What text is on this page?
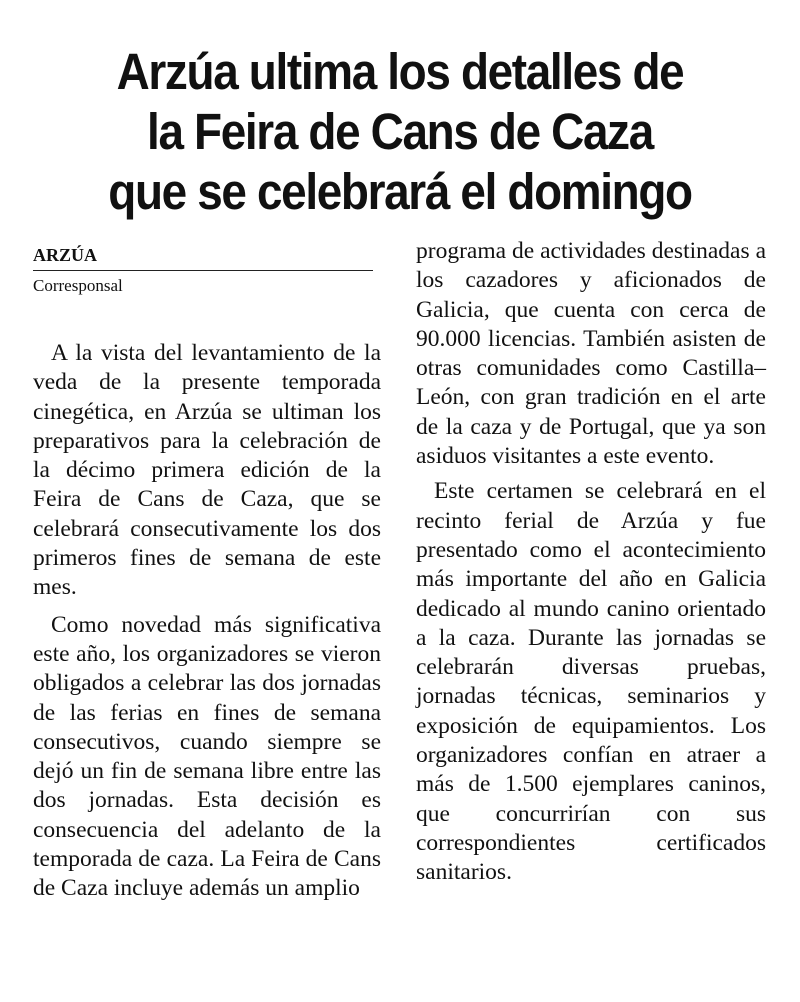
Arzúa ultima los detalles de
la Feira de Cans de Caza
que se celebrará el domingo
ARZÚA
Corresponsal

A la vista del levantamiento de la veda de la presente temporada cinegética, en Arzúa se ultiman los preparativos para la celebración de la décimo primera edición de la Feira de Cans de Caza, que se celebrará consecutivamente los dos primeros fines de semana de este mes.

Como novedad más significativa este año, los organizadores se vieron obligados a celebrar las dos jornadas de las ferias en fines de semana consecutivos, cuando siempre se dejó un fin de semana libre entre las dos jornadas. Esta decisión es consecuencia del adelanto de la temporada de caza. La Feira de Cans de Caza incluye además un amplio

programa de actividades destinadas a los cazadores y aficionados de Galicia, que cuenta con cerca de 90.000 licencias. También asisten de otras comunidades como Castilla–León, con gran tradición en el arte de la caza y de Portugal, que ya son asiduos visitantes a este evento.

Este certamen se celebrará en el recinto ferial de Arzúa y fue presentado como el acontecimiento más importante del año en Galicia dedicado al mundo canino orientado a la caza. Durante las jornadas se celebrarán diversas pruebas, jornadas técnicas, seminarios y exposición de equipamientos. Los organizadores confían en atraer a más de 1.500 ejemplares caninos, que concurrirían con sus correspondientes certificados sanitarios.
